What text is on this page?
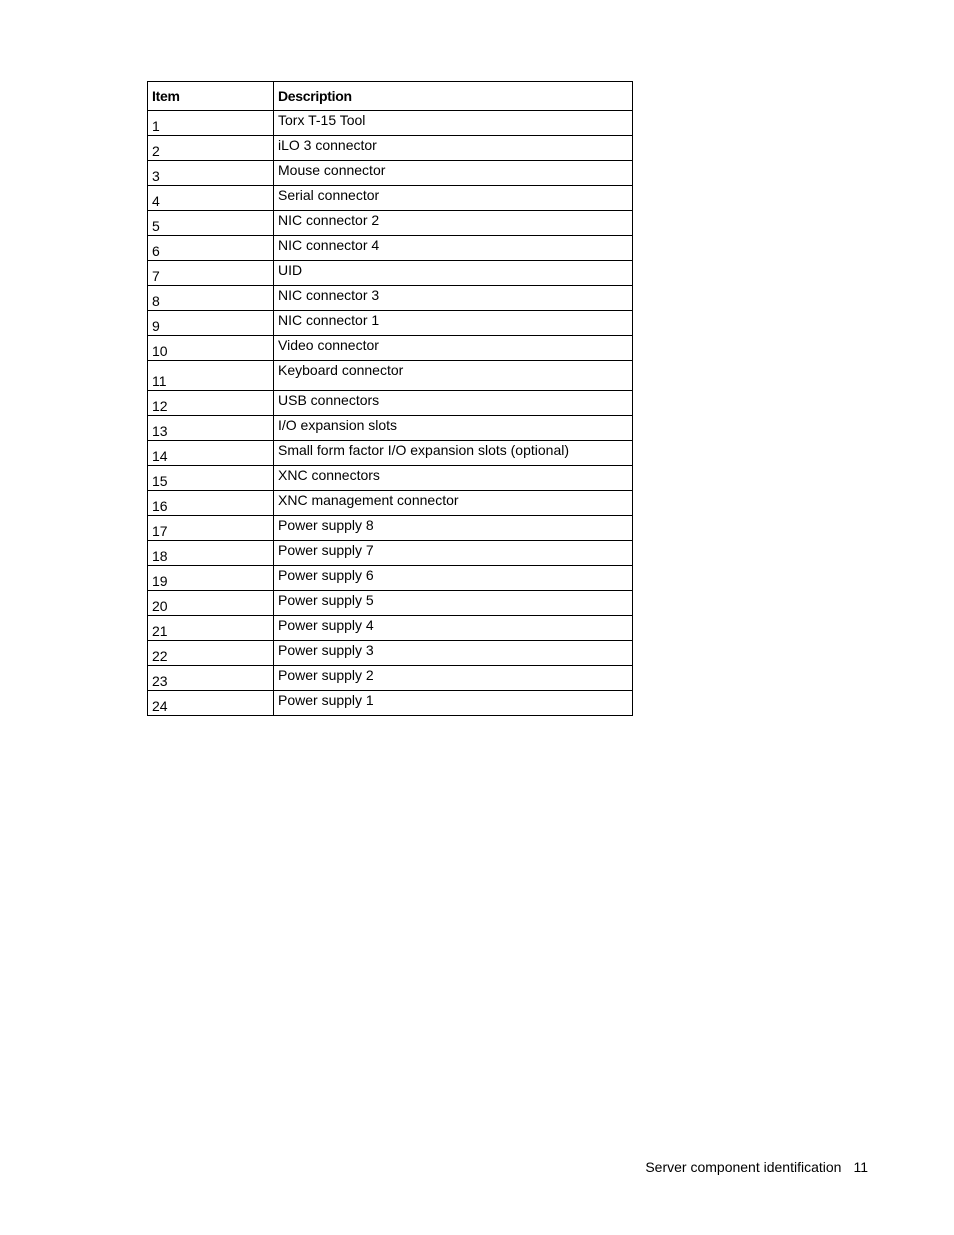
Item	Description
1	Torx T-15 Tool
2	iLO 3 connector
3	Mouse connector
4	Serial connector
5	NIC connector 2
6	NIC connector 4
7	UID
8	NIC connector 3
9	NIC connector 1
10	Video connector
11	Keyboard connector
12	USB connectors
13	I/O expansion slots
14	Small form factor I/O expansion slots (optional)
15	XNC connectors
16	XNC management connector
17	Power supply 8
18	Power supply 7
19	Power supply 6
20	Power supply 5
21	Power supply 4
22	Power supply 3
23	Power supply 2
24	Power supply 1
Server component identification 11
